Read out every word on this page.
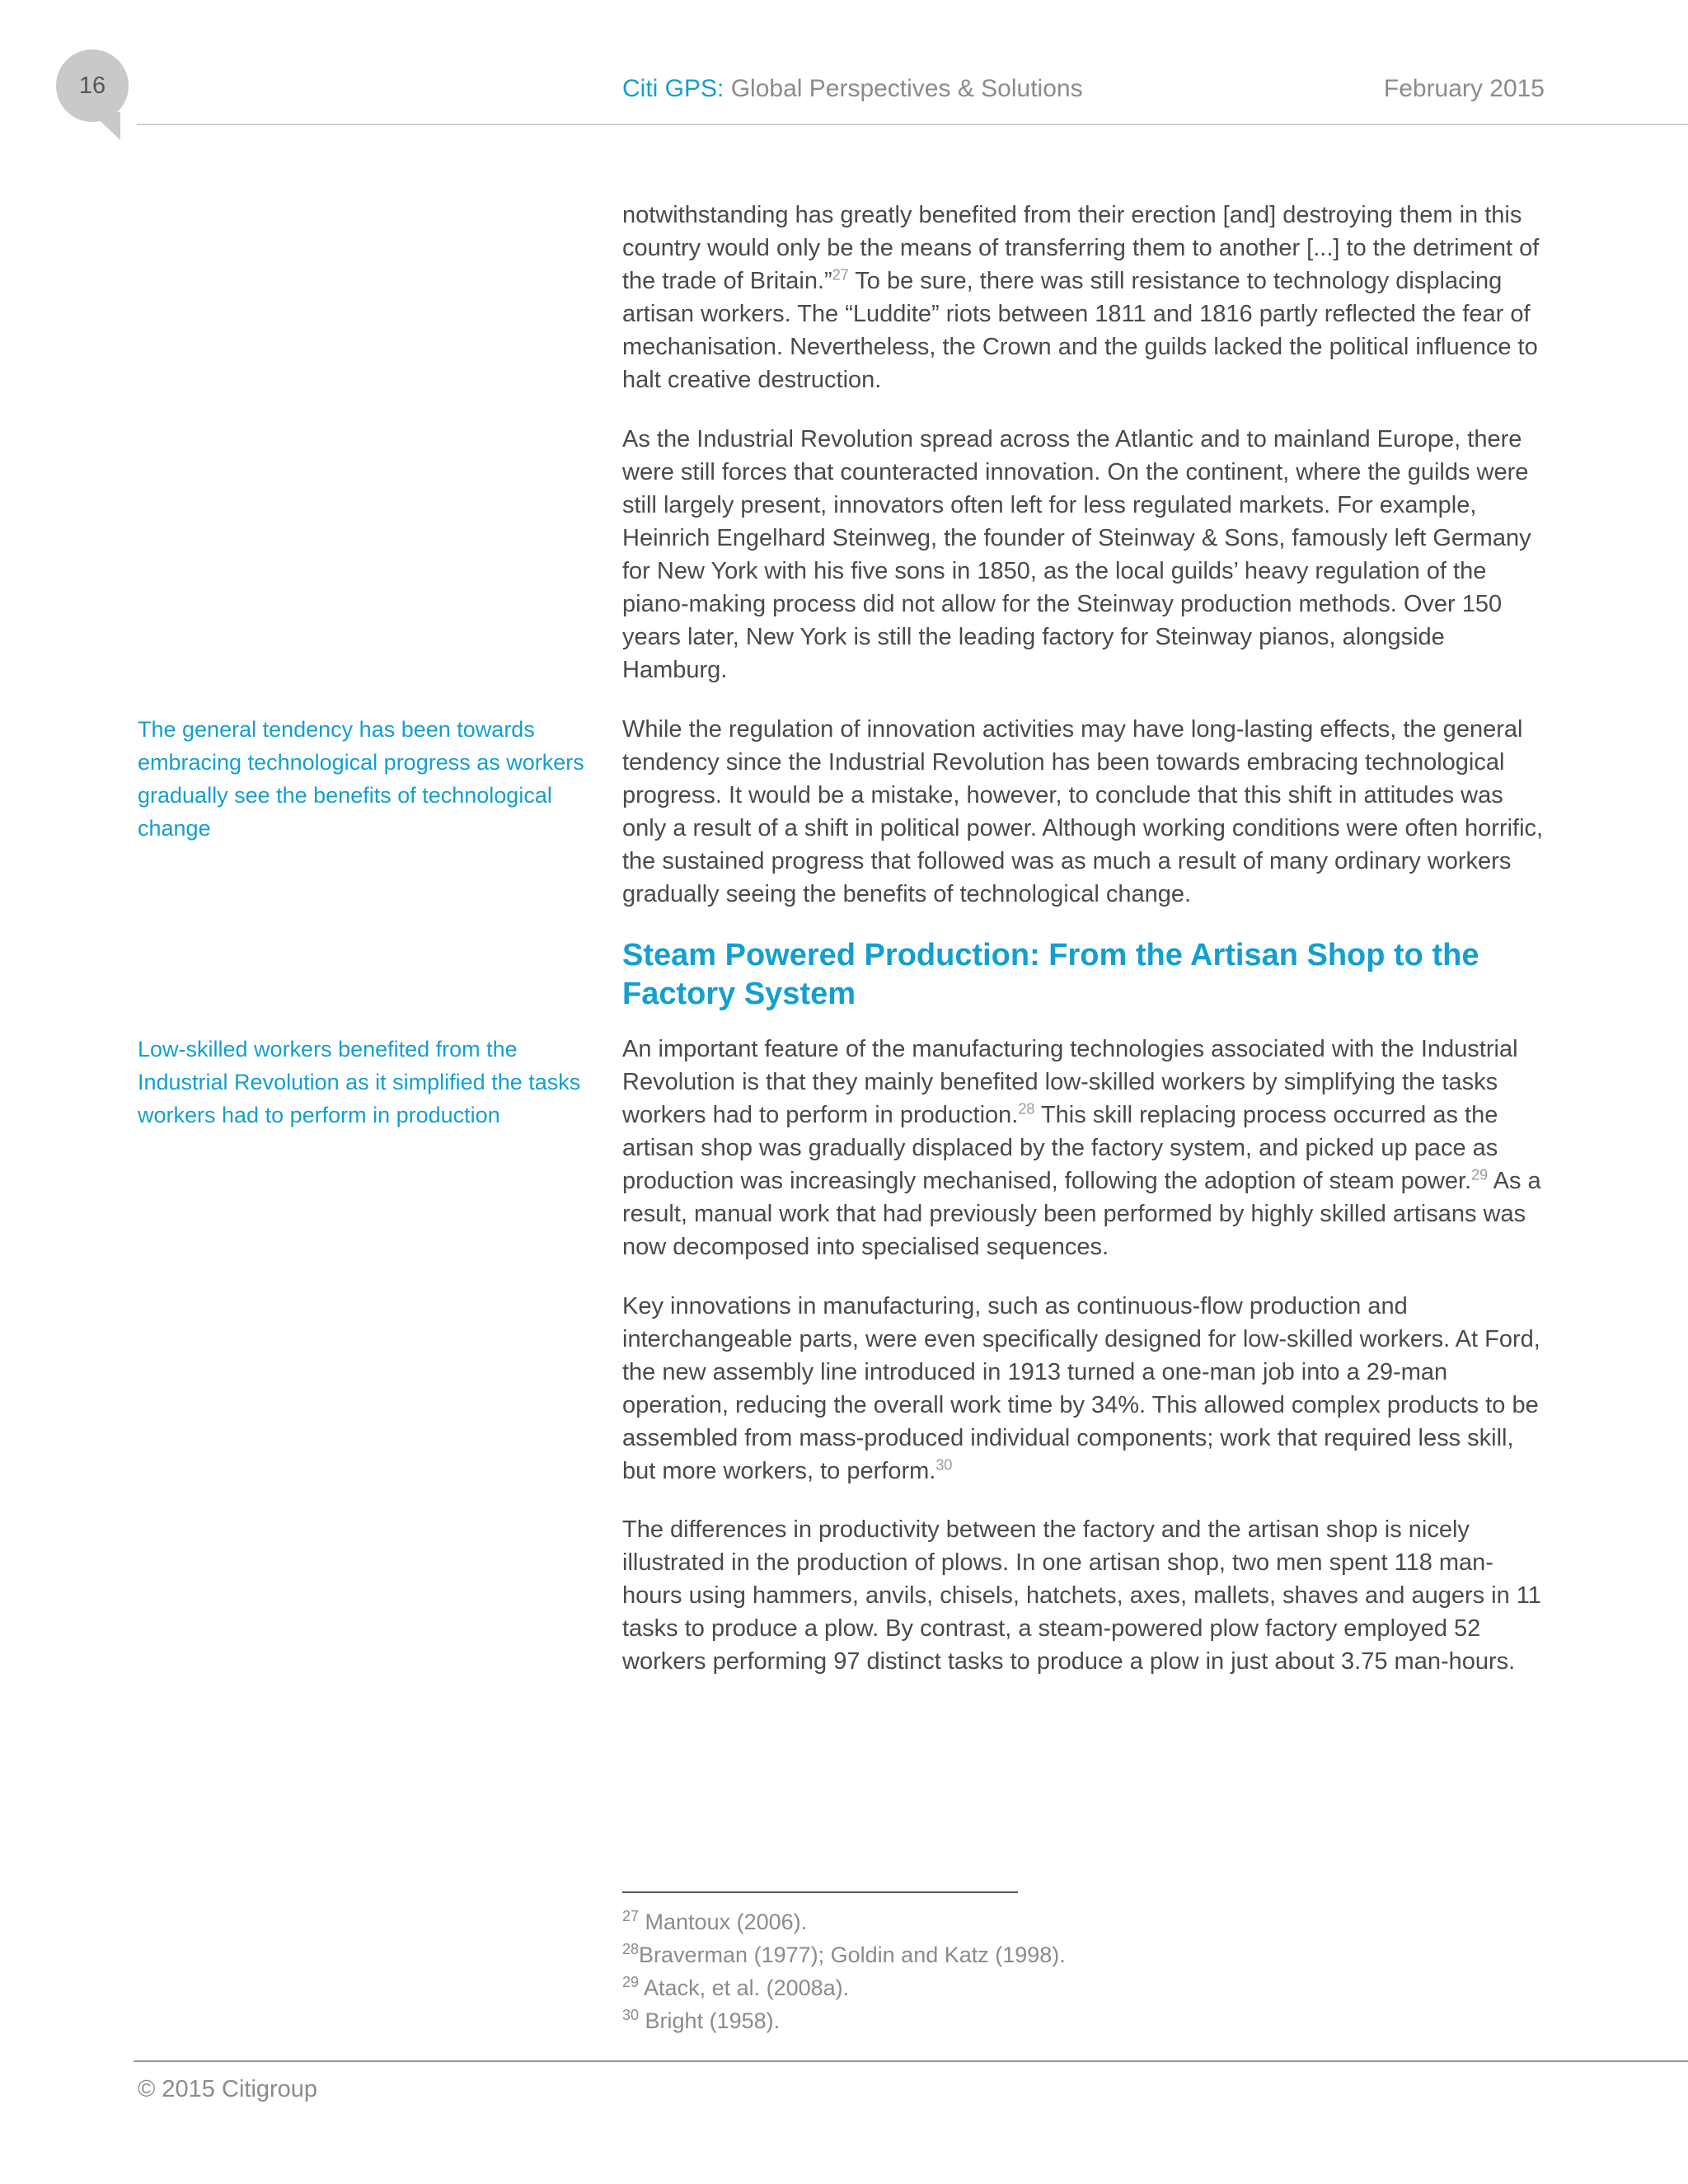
16	Citi GPS: Global Perspectives & Solutions	February 2015

notwithstanding has greatly benefited from their erection [and] destroying them in this country would only be the means of transferring them to another [...] to the detriment of the trade of Britain.”$^{27}$ To be sure, there was still resistance to technology displacing artisan workers. The “Luddite” riots between 1811 and 1816 partly reflected the fear of mechanisation. Nevertheless, the Crown and the guilds lacked the political influence to halt creative destruction.

As the Industrial Revolution spread across the Atlantic and to mainland Europe, there were still forces that counteracted innovation. On the continent, where the guilds were still largely present, innovators often left for less regulated markets. For example, Heinrich Engelhard Steinweg, the founder of Steinway & Sons, famously left Germany for New York with his five sons in 1850, as the local guilds’ heavy regulation of the piano-making process did not allow for the Steinway production methods. Over 150 years later, New York is still the leading factory for Steinway pianos, alongside Hamburg.

The general tendency has been towards embracing technological progress as workers gradually see the benefits of technological change

While the regulation of innovation activities may have long-lasting effects, the general tendency since the Industrial Revolution has been towards embracing technological progress. It would be a mistake, however, to conclude that this shift in attitudes was only a result of a shift in political power. Although working conditions were often horrific, the sustained progress that followed was as much a result of many ordinary workers gradually seeing the benefits of technological change.

Steam Powered Production: From the Artisan Shop to the Factory System
Low-skilled workers benefited from the Industrial Revolution as it simplified the tasks workers had to perform in production

An important feature of the manufacturing technologies associated with the Industrial Revolution is that they mainly benefited low-skilled workers by simplifying the tasks workers had to perform in production.$^{28}$ This skill replacing process occurred as the artisan shop was gradually displaced by the factory system, and picked up pace as production was increasingly mechanised, following the adoption of steam power.$^{29}$ As a result, manual work that had previously been performed by highly skilled artisans was now decomposed into specialised sequences.

Key innovations in manufacturing, such as continuous-flow production and interchangeable parts, were even specifically designed for low-skilled workers. At Ford, the new assembly line introduced in 1913 turned a one-man job into a 29-man operation, reducing the overall work time by 34%. This allowed complex products to be assembled from mass-produced individual components; work that required less skill, but more workers, to perform.$^{30}$

The differences in productivity between the factory and the artisan shop is nicely illustrated in the production of plows. In one artisan shop, two men spent 118 man-hours using hammers, anvils, chisels, hatchets, axes, mallets, shaves and augers in 11 tasks to produce a plow. By contrast, a steam-powered plow factory employed 52 workers performing 97 distinct tasks to produce a plow in just about 3.75 man-hours.

$^{27}$ Mantoux (2006).
$^{28}$Braverman (1977); Goldin and Katz (1998).
$^{29}$ Atack, et al. (2008a).
$^{30}$ Bright (1958).
© 2015 Citigroup
